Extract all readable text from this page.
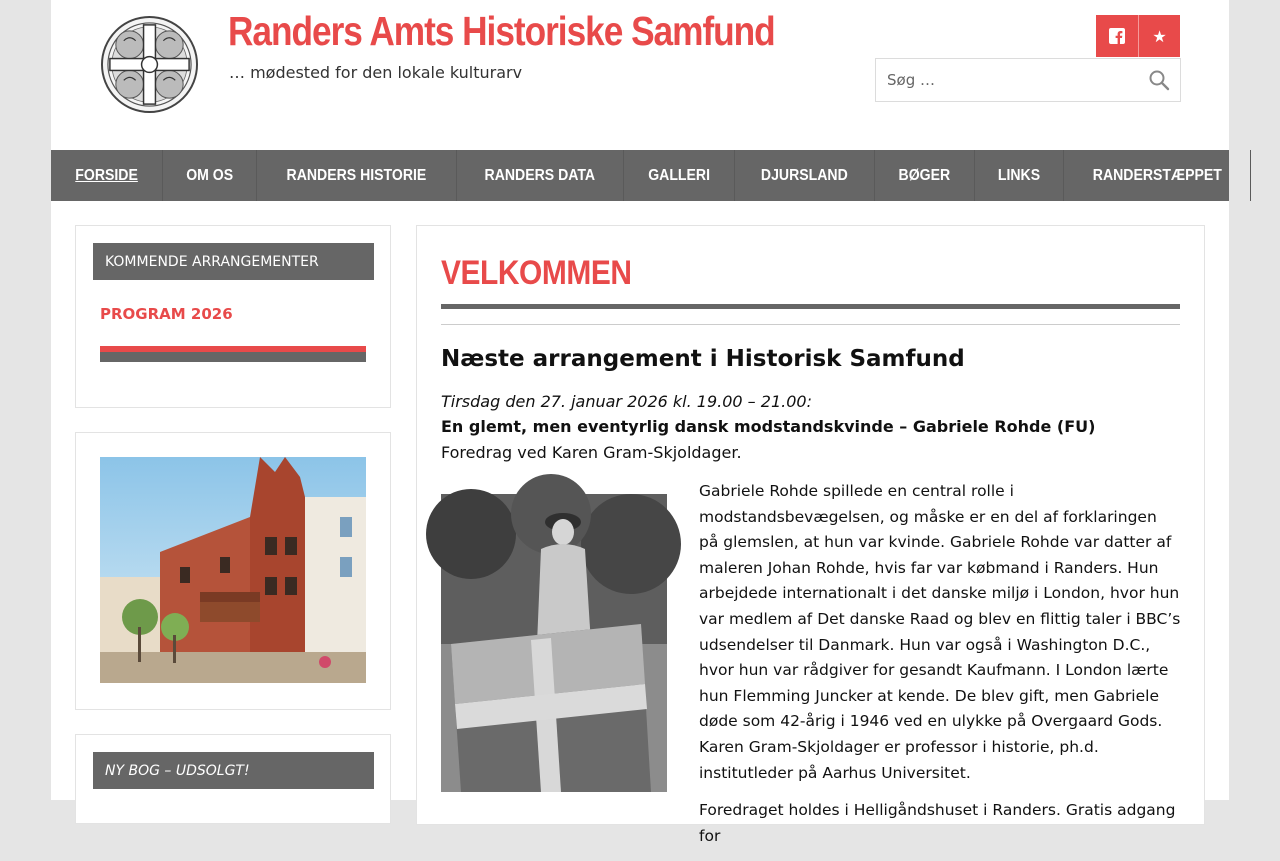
Randers Amts Historiske Samfund
… mødested for den lokale kulturarv
★
Søg …
FORSIDE	OM OS	RANDERS HISTORIE	RANDERS DATA	GALLERI	DJURSLAND	BØGER	LINKS	RANDERSTÆPPET
KOMMENDE ARRANGEMENTER
PROGRAM 2026
NY BOG – UDSOLGT!
VELKOMMEN
Næste arrangement i Historisk Samfund
Tirsdag den 27. januar 2026 kl. 19.00 – 21.00:
En glemt, men eventyrlig dansk modstandskvinde – Gabriele Rohde (FU)
Foredrag ved Karen Gram-Skjoldager.

Gabriele Rohde spillede en central rolle i modstandsbevægelsen, og måske er en del af forklaringen på glemslen, at hun var kvinde. Gabriele Rohde var datter af maleren Johan Rohde, hvis far var købmand i Randers. Hun arbejdede internationalt i det danske miljø i London, hvor hun var medlem af Det danske Raad og blev en flittig taler i BBC’s udsendelser til Danmark. Hun var også i Washington D.C., hvor hun var rådgiver for gesandt Kaufmann. I London lærte hun Flemming Juncker at kende. De blev gift, men Gabriele døde som 42-årig i 1946 ved en ulykke på Overgaard Gods. Karen Gram-Skjoldager er professor i historie, ph.d. institutleder på Aarhus Universitet.

Foredraget holdes i Helligåndshuset i Randers. Gratis adgang for
